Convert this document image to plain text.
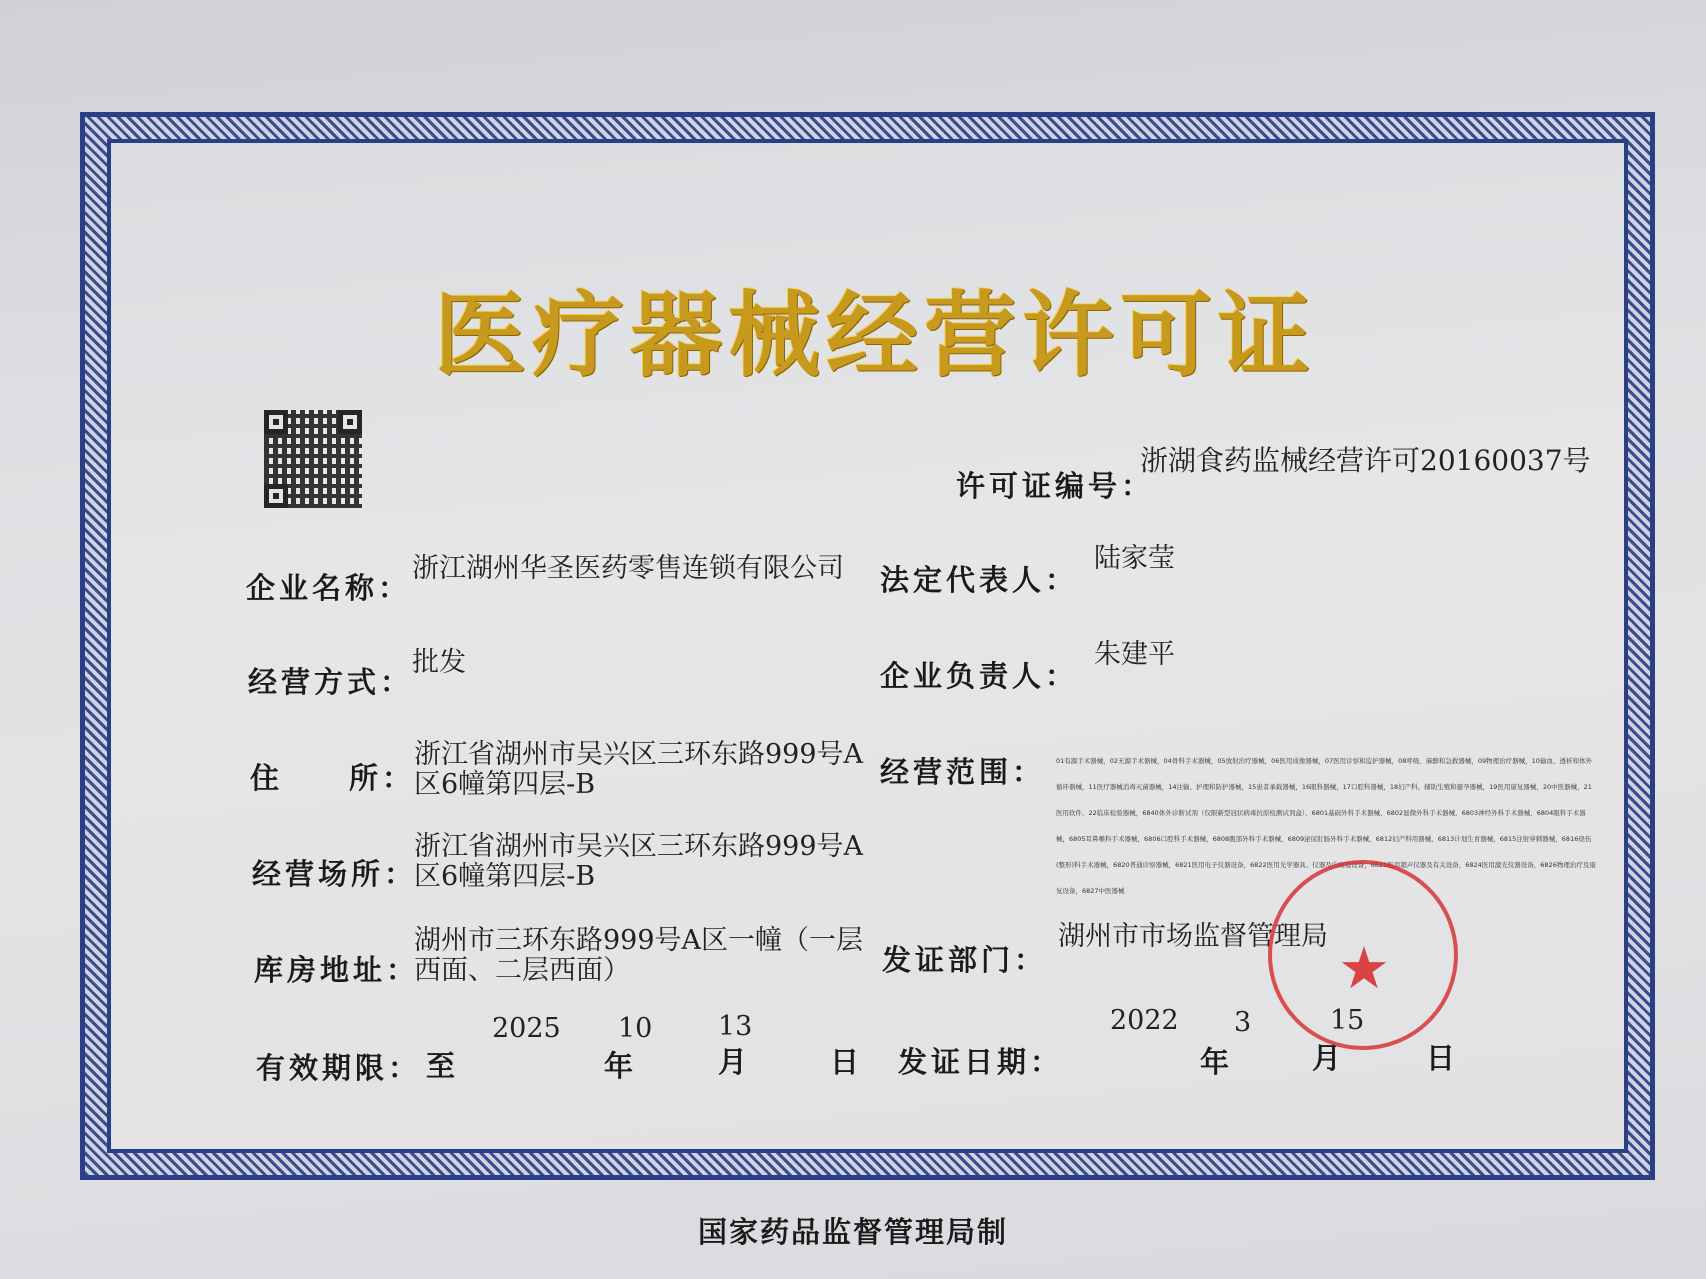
医疗器械经营许可证
许可证编号：
浙湖食药监械经营许可20160037号
企业名称：
浙江湖州华圣医药零售连锁有限公司	法定代表人：
陆家莹
经营方式：
批发	企业负责人：
朱建平
住　　所：
浙江省湖州市吴兴区三环东路999号A区6幢第四层-B	经营范围： 01有源手术器械，02无源手术器械，04骨科手术器械，05放射治疗器械，06医用成像器械，07医用诊察和监护器械，08呼吸、麻醉和急救器械，09物理治疗器械，10输血、透析和体外循环器械，11医疗器械消毒灭菌器械，14注输、护理和防护器械，15患者承载器械，16眼科器械，17口腔科器械，18妇产科、辅助生殖和避孕器械，19医用康复器械，20中医器械，21医用软件，22临床检验器械，6840体外诊断试剂（仅限新型冠状病毒抗原检测试剂盒），6801基础外科手术器械，6802显微外科手术器械，6803神经外科手术器械，6804眼科手术器械，6805耳鼻喉科手术器械，6806口腔科手术器械，6808腹部外科手术器械，6809泌尿肛肠外科手术器械，6812妇产科用器械，6813计划生育器械，6815注射穿刺器械，6816烧伤(整形)科手术器械，6820普通诊察器械，6821医用电子仪器设备，6822医用光学器具、仪器及内窥镜设备，6823医用超声仪器及有关设备，6824医用激光仪器设备，6826物理治疗及康复设备，6827中医器械
经营场所：
浙江省湖州市吴兴区三环东路999号A区6幢第四层-B
库房地址：
湖州市三环东路999号A区一幢（一层西面、二层西面）	发证部门：
湖州市市场监督管理局
有效期限： 至
2025
年
10
月
13
日 发证日期：
2022
年
3
月
15
日
★
国家药品监督管理局制
